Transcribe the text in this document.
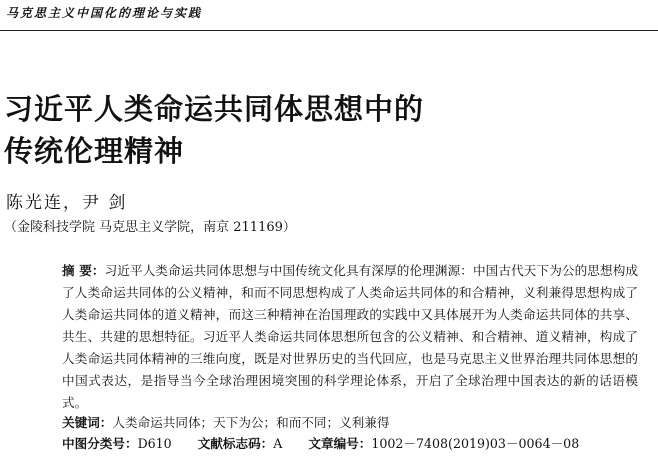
马克思主义中国化的理论与实践
习近平人类命运共同体思想中的
传统伦理精神
陈光连，尹 剑
（金陵科技学院 马克思主义学院，南京 211169）

摘 要：习近平人类命运共同体思想与中国传统文化具有深厚的伦理渊源：中国古代天下为公的思想构成了人类命运共同体的公义精神，和而不同思想构成了人类命运共同体的和合精神，义利兼得思想构成了人类命运共同体的道义精神，而这三种精神在治国理政的实践中又具体展开为人类命运共同体的共享、共生、共建的思想特征。习近平人类命运共同体思想所包含的公义精神、和合精神、道义精神，构成了人类命运共同体精神的三维向度，既是对世界历史的当代回应，也是马克思主义世界治理共同体思想的中国式表达，是指导当今全球治理困境突围的科学理论体系，开启了全球治理中国表达的新的话语模式。

关键词：人类命运共同体；天下为公；和而不同；义利兼得
中图分类号：D610 文献标志码：A 文章编号：1002－7408(2019)03－0064－08
